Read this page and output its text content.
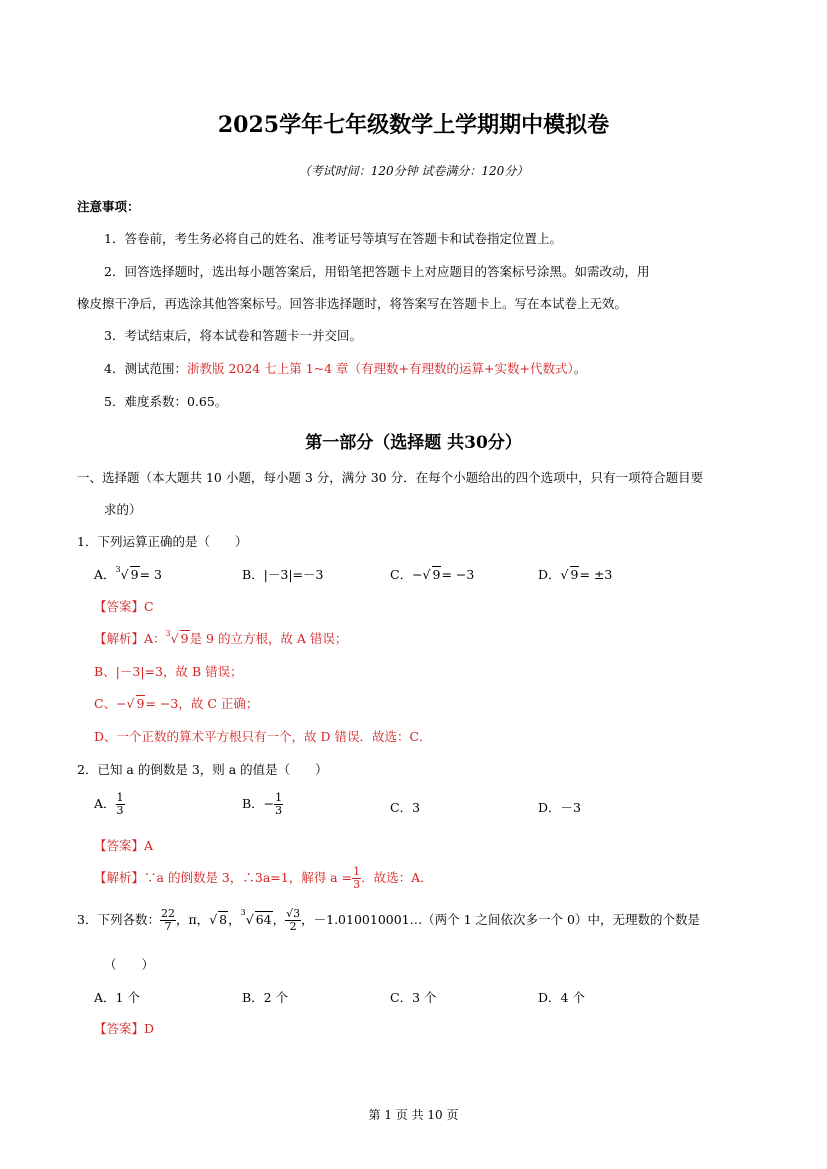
2025学年七年级数学上学期期中模拟卷
（考试时间：120分钟 试卷满分：120分）
注意事项：
1．答卷前，考生务必将自己的姓名、准考证号等填写在答题卡和试卷指定位置上。
2．回答选择题时，选出每小题答案后，用铅笔把答题卡上对应题目的答案标号涂黑。如需改动，用
橡皮擦干净后，再选涂其他答案标号。回答非选择题时，将答案写在答题卡上。写在本试卷上无效。
3．考试结束后，将本试卷和答题卡一并交回。
4．测试范围：浙教版 2024 七上第 1~4 章（有理数+有理数的运算+实数+代数式）。
5．难度系数：0.65。
第一部分（选择题 共30分）
一、选择题（本大题共 10 小题，每小题 3 分，满分 30 分．在每个小题给出的四个选项中，只有一项符合题目要
求的）
1．下列运算正确的是（　　）
A．$^3$√ 9= 3	B．|－3|=－3	C．−√ 9= −3	D．√ 9= ±3
【答案】C
【解析】A：$^3$√ 9是 9 的立方根，故 A 错误；
B、|－3|=3，故 B 错误；
C、−√ 9= −3，故 C 正确；
D、一个正数的算术平方根只有一个，故 D 错误．故选：C．
2．已知 a 的倒数是 3，则 a 的值是（　　）
A． $\frac{1}{3}$	B．− $\frac{1}{3}$	C．3	D．－3
【答案】A
【解析】∵a 的倒数是 3，∴3a=1，解得 $a = \frac{1}{3}$ ．故选：A．
3．下列各数： $\frac{22}{7}$ ，π，√ 8，$^3$√ 64， $\frac{√3}{2}$ ，－1.010010001…（两个 1 之间依次多一个 0）中，无理数的个数是
（　　）
A．1 个	B．2 个	C．3 个	D．4 个
【答案】D
第 1 页 共 10 页
